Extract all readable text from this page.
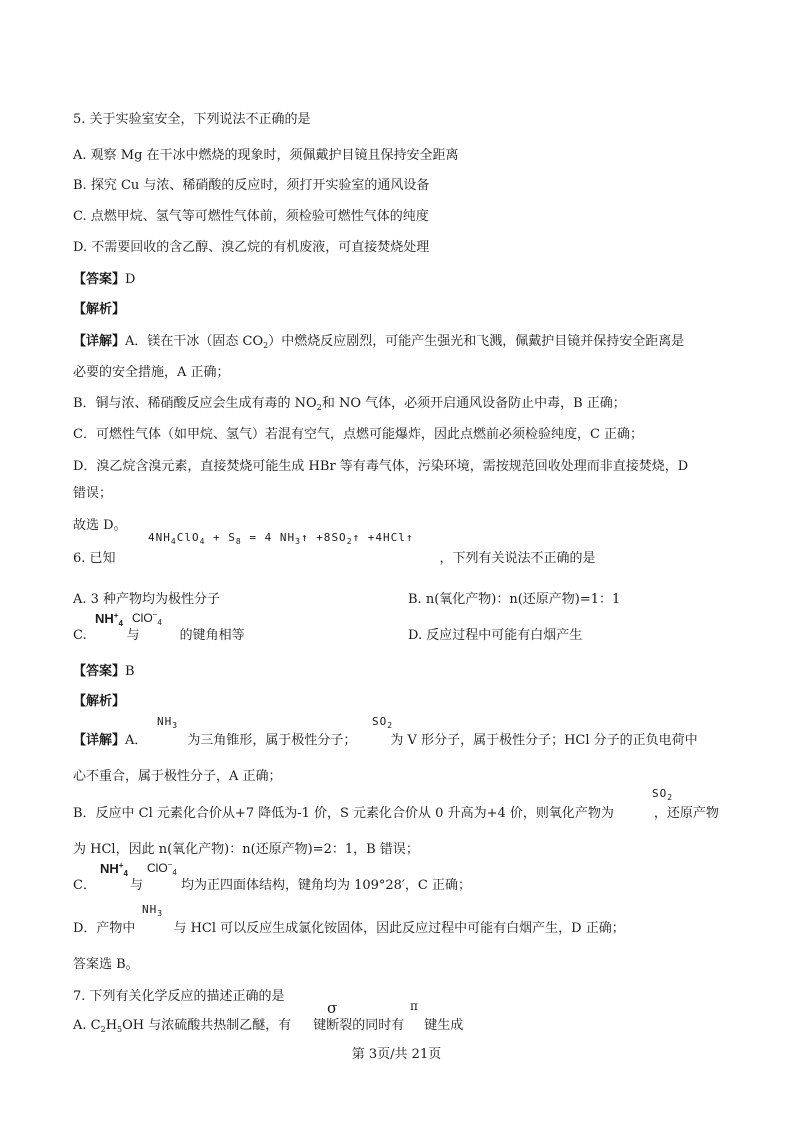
5. 关于实验室安全，下列说法不正确的是
A. 观察 Mg 在干冰中燃烧的现象时，须佩戴护目镜且保持安全距离
B. 探究 Cu 与浓、稀硝酸的反应时，须打开实验室的通风设备
C. 点燃甲烷、氢气等可燃性气体前，须检验可燃性气体的纯度
D. 不需要回收的含乙醇、溴乙烷的有机废液，可直接焚烧处理
【答案】D
【解析】
【详解】A．镁在干冰（固态 $CO_2$）中燃烧反应剧烈，可能产生强光和飞溅，佩戴护目镜并保持安全距离是
必要的安全措施，A 正确；
B．铜与浓、稀硝酸反应会生成有毒的 $NO_2$和 NO 气体，必须开启通风设备防止中毒，B 正确；
C．可燃性气体（如甲烷、氢气）若混有空气，点燃可能爆炸，因此点燃前必须检验纯度，C 正确；
D．溴乙烷含溴元素，直接焚烧可能生成 HBr 等有毒气体，污染环境，需按规范回收处理而非直接焚烧，D
错误；
故选 D。
$4NH_4ClO_4 + S_8 = 4$ $NH_3↑$ $+8SO_2↑$ +4HCl↑
6. 已知	，下列有关说法不正确的是
A. 3 种产物均为极性分子	B. n(氧化产物)：n(还原产物)=1：1
$NH^+_4$ ClO−$_4$
C.	与	的键角相等	D. 反应过程中可能有白烟产生
【答案】B
【解析】
$NH_3$	$SO_2$
【详解】A．	为三角锥形，属于极性分子；	为 V 形分子，属于极性分子；HCl 分子的正负电荷中
心不重合，属于极性分子，A 正确；
$SO_2$
B．反应中 Cl 元素化合价从+7 降低为-1 价，S 元素化合价从 0 升高为+4 价，则氧化产物为	，还原产物
为 HCl，因此 n(氧化产物)：n(还原产物)=2：1，B 错误；
$NH^+_4$ ClO−$_4$
C．	与	均为正四面体结构，键角均为 109°28′，C 正确；
$NH_3$
D．产物中	与 HCl 可以反应生成氯化铵固体，因此反应过程中可能有白烟产生，D 正确；
答案选 B。
7. 下列有关化学反应的描述正确的是
σ	π
A. $C_2H_5OH$ 与浓硫酸共热制乙醚，有 键断裂的同时有 键生成
第 3页/共 21页
